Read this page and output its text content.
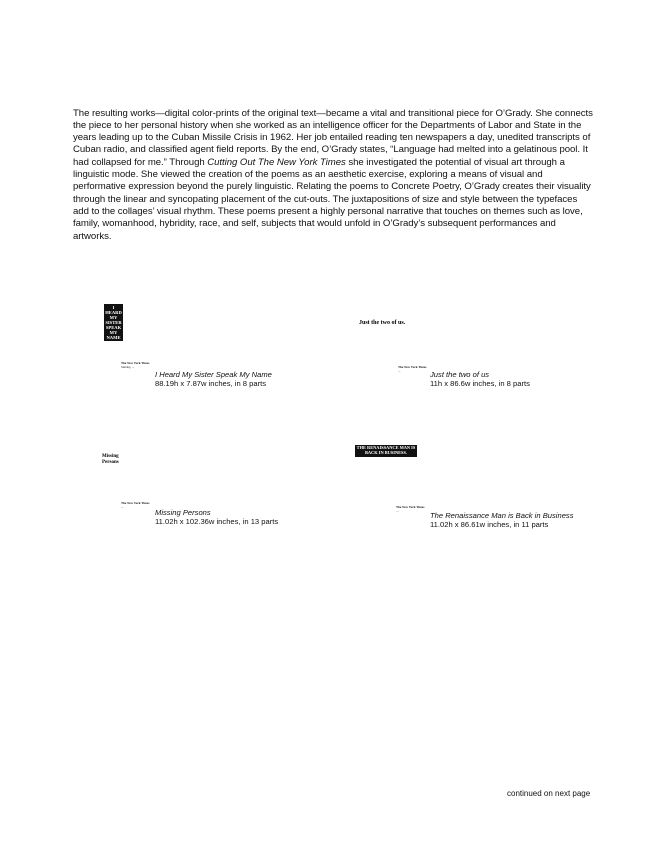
The resulting works—digital color-prints of the original text—became a vital and transitional piece for O’Grady. She connects the piece to her personal history when she worked as an intelligence officer for the Departments of Labor and State in the years leading up to the Cuban Missile Crisis in 1962. Her job entailed reading ten newspapers a day, unedited transcripts of Cuban radio, and classified agent field reports. By the end, O’Grady states, “Language had melted into a gelatinous pool. It had collapsed for me.” Through Cutting Out The New York Times she investigated the potential of visual art through a linguistic mode. She viewed the creation of the poems as an aesthetic exercise, exploring a means of visual and performative expression beyond the purely linguistic. Relating the poems to Concrete Poetry, O’Grady creates their visuality through the linear and syncopating placement of the cut-outs. The juxtapositions of size and style between the typefaces add to the collages’ visual rhythm. These poems present a highly personal narrative that touches on themes such as love, family, womanhood, hybridity, race, and self, subjects that would unfold in O’Grady’s subsequent performances and artworks.

I HEARD MY SISTER SPEAK MY NAME
The New York Times
Sunday, ...
I Heard My Sister Speak My Name
88.19h x 7.87w inches, in 8 parts
Just the two of us.
The New York Times
...	Just the two of us
11h x 86.6w inches, in 8 parts
Missing Persons
The New York Times
...
Missing Persons
11.02h x 102.36w inches, in 13 parts
THE RENAISSANCE MAN IS BACK IN BUSINESS.
The New York Times
...	The Renaissance Man is Back in Business
11.02h x 86.61w inches, in 11 parts
continued on next page
